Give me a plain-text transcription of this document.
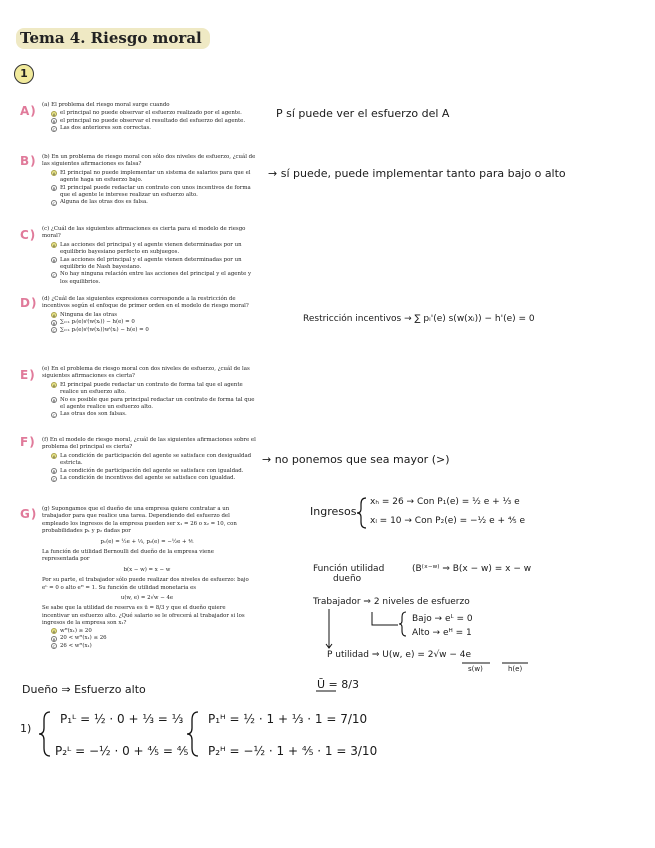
Tema 4. Riesgo moral
1
A) (a) El problema del riesgo moral surge cuando
A el principal no puede observar el esfuerzo realizado por el agente.
B el principal no puede observar el resultado del esfuerzo del agente.
C Las dos anteriores son correctas.
P sí puede ver el esfuerzo del A
B) (b) En un problema de riesgo moral con sólo dos niveles de esfuerzo, ¿cuál de las siguientes afirmaciones es falsa?
A El principal no puede implementar un sistema de salarios para que el agente haga un esfuerzo bajo.
B El principal puede redactar un contrato con unos incentivos de forma que el agente le interese realizar un esfuerzo alto.
C Alguna de las otras dos es falsa.
→ sí puede, puede implementar tanto para bajo o alto
C) (c) ¿Cuál de las siguientes afirmaciones es cierta para el modelo de riesgo moral?
A Las acciones del principal y el agente vienen determinadas por un equilibrio bayesiano perfecto en subjuegos.
B Las acciones del principal y el agente vienen determinadas por un equilibrio de Nash bayesiano.
C No hay ninguna relación entre las acciones del principal y el agente y los equilibrios.
D) (d) ¿Cuál de las siguientes expresiones corresponde a la restricción de incentivos según el enfoque de primer orden en el modelo de riesgo moral?
A Ninguna de las otras
B ∑ᵢ₌₁ pᵢ(e)sⁱ(w(xᵢ)) − h(e) = 0
C ∑ᵢ₌₁ pᵢ(e)sⁱ(w(xᵢ))wⁱ(xᵢ) − h(e) = 0
Restricción incentivos → ∑ pᵢ'(e) s(w(xᵢ)) − h'(e) = 0
E) (e) En el problema de riesgo moral con dos niveles de esfuerzo, ¿cuál de las siguientes afirmaciones es cierta?
A El principal puede redactar un contrato de forma tal que el agente realice un esfuerzo alto.
B No es posible que para principal redactar un contrato de forma tal que el agente realice un esfuerzo alto.
C Las otras dos son falsas.
F) (f) En el modelo de riesgo moral, ¿cuál de las siguientes afirmaciones sobre el problema del principal es cierta?
A La condición de participación del agente se satisface con desigualdad estricta.
B La condición de participación del agente se satisface con igualdad.
C La condición de incentivos del agente se satisface con igualdad.
→ no ponemos que sea mayor (>)
G) (g) Supongamos que el dueño de una empresa quiere contratar a un trabajador para que realice una tarea. Dependiendo del esfuerzo del empleado los ingresos de la empresa pueden ser x₁ = 26 o x₂ = 10, con probabilidades p₁ y p₂ dadas por
p₁(e) = ½e + ⅓, p₂(e) = −½e + ⅘
La función de utilidad Bernoulli del dueño de la empresa viene representada por
b(x − w) = x − w
Por su parte, el trabajador sólo puede realizar dos niveles de esfuerzo: bajo eᴸ = 0 o alto eᴴ = 1. Su función de utilidad monetaria es
u(w, e) = 2√w − 4e
Se sabe que la utilidad de reserva es ū = 8/3 y que el dueño quiere incentivar un esfuerzo alto. ¿Qué salario se le ofrecerá al trabajador si los ingresos de la empresa son x₁?
A wᴴ(x₁) ≥ 20
B 20 < wᴴ(x₁) ≤ 26
C 26 < wᴴ(x₁)
Ingresos
xₕ = 26 → Con P₁(e) = ½ e + ⅓ e
xₗ = 10 → Con P₂(e) = −½ e + ⅘ e
Función utilidad
dueño
(B⁽ˣ⁻ʷ⁾ ⇒ B(x − w) = x − w
Trabajador ⇒ 2 niveles de esfuerzo
Bajo → eᴸ = 0
Alto → eᴴ = 1
P utilidad ⇒ U(w, e) = 2√w − 4e
s(w)	h(e)
Ū = 8/3
Dueño ⇒ Esfuerzo alto
1)
P₁ᴸ = ½ · 0 + ⅓ = ⅓
P₂ᴸ = −½ · 0 + ⅘ = ⅘
P₁ᴴ = ½ · 1 + ⅓ · 1 = 7/10
P₂ᴴ = −½ · 1 + ⅘ · 1 = 3/10
